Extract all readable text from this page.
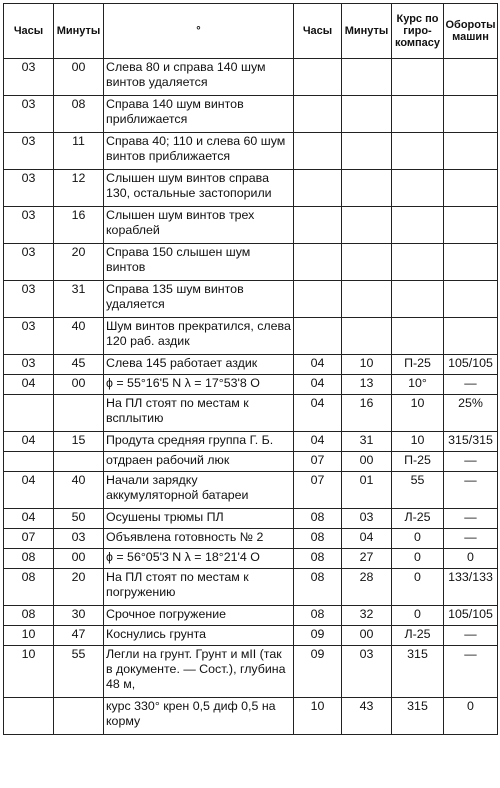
Часы	Минуты	°	Часы	Минуты	Курс по гиро-компасу	Обороты машин
03	00	Слева 80 и справа 140 шум винтов удаляется				
03	08	Справа 140 шум винтов приближается				
03	11	Справа 40; 110 и слева 60 шум винтов приближается				
03	12	Слышен шум винтов справа 130, остальные застопорили				
03	16	Слышен шум винтов трех кораблей				
03	20	Справа 150 слышен шум винтов				
03	31	Справа 135 шум винтов удаляется				
03	40	Шум винтов прекратился, слева 120 раб. аздик				
03	45	Слева 145 работает аздик	04	10	П-25	105/105
04	00	ϕ = 55°16'5 N λ = 17°53'8 O	04	13	10°	—
		На ПЛ стоят по местам к всплытию	04	16	10	25%
04	15	Продута средняя группа Г. Б.	04	31	10	315/315
		отдраен рабочий люк	07	00	П-25	—
04	40	Начали зарядку аккумуляторной батареи	07	01	55	—
04	50	Осушены трюмы ПЛ	08	03	Л-25	—
07	03	Объявлена готовность № 2	08	04	0	—
08	00	ϕ = 56°05'3 N λ = 18°21'4 O	08	27	0	0
08	20	На ПЛ стоят по местам к погружению	08	28	0	133/133
08	30	Срочное погружение	08	32	0	105/105
10	47	Коснулись грунта	09	00	Л-25	—
10	55	Легли на грунт. Грунт и мII (так в документе. — Сост.), глубина 48 м,	09	03	315	—
		курс 330° крен 0,5 диф 0,5 на корму	10	43	315	0
